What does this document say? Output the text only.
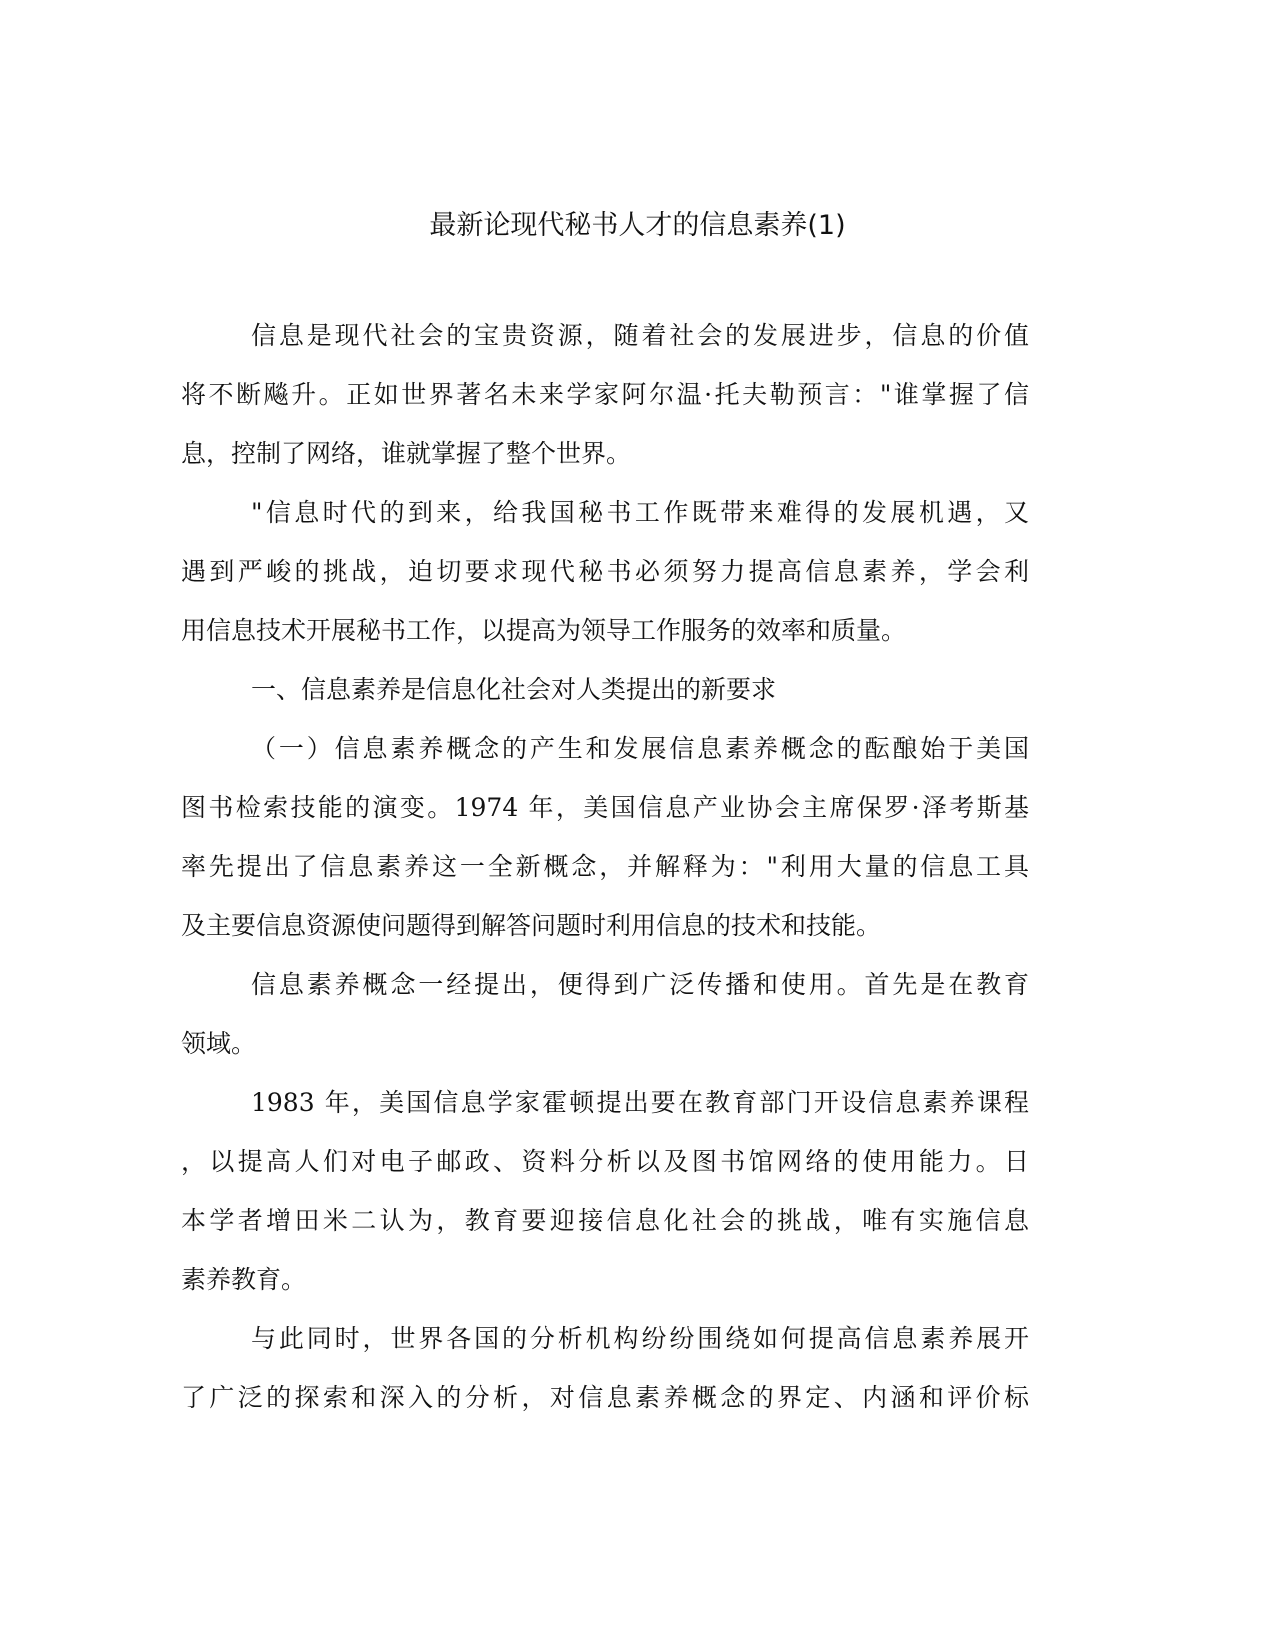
最新论现代秘书人才的信息素养(1)
信息是现代社会的宝贵资源，随着社会的发展进步，信息的价值
将不断飚升。正如世界著名未来学家阿尔温·托夫勒预言："谁掌握了信
息，控制了网络，谁就掌握了整个世界。
"信息时代的到来，给我国秘书工作既带来难得的发展机遇，又
遇到严峻的挑战，迫切要求现代秘书必须努力提高信息素养，学会利
用信息技术开展秘书工作，以提高为领导工作服务的效率和质量。
一、信息素养是信息化社会对人类提出的新要求
（一）信息素养概念的产生和发展信息素养概念的酝酿始于美国
图书检索技能的演变。1974 年，美国信息产业协会主席保罗·泽考斯基
率先提出了信息素养这一全新概念，并解释为："利用大量的信息工具
及主要信息资源使问题得到解答问题时利用信息的技术和技能。
信息素养概念一经提出，便得到广泛传播和使用。首先是在教育
领域。
1983 年，美国信息学家霍顿提出要在教育部门开设信息素养课程
，以提高人们对电子邮政、资料分析以及图书馆网络的使用能力。日
本学者增田米二认为，教育要迎接信息化社会的挑战，唯有实施信息
素养教育。
与此同时，世界各国的分析机构纷纷围绕如何提高信息素养展开
了广泛的探索和深入的分析，对信息素养概念的界定、内涵和评价标
